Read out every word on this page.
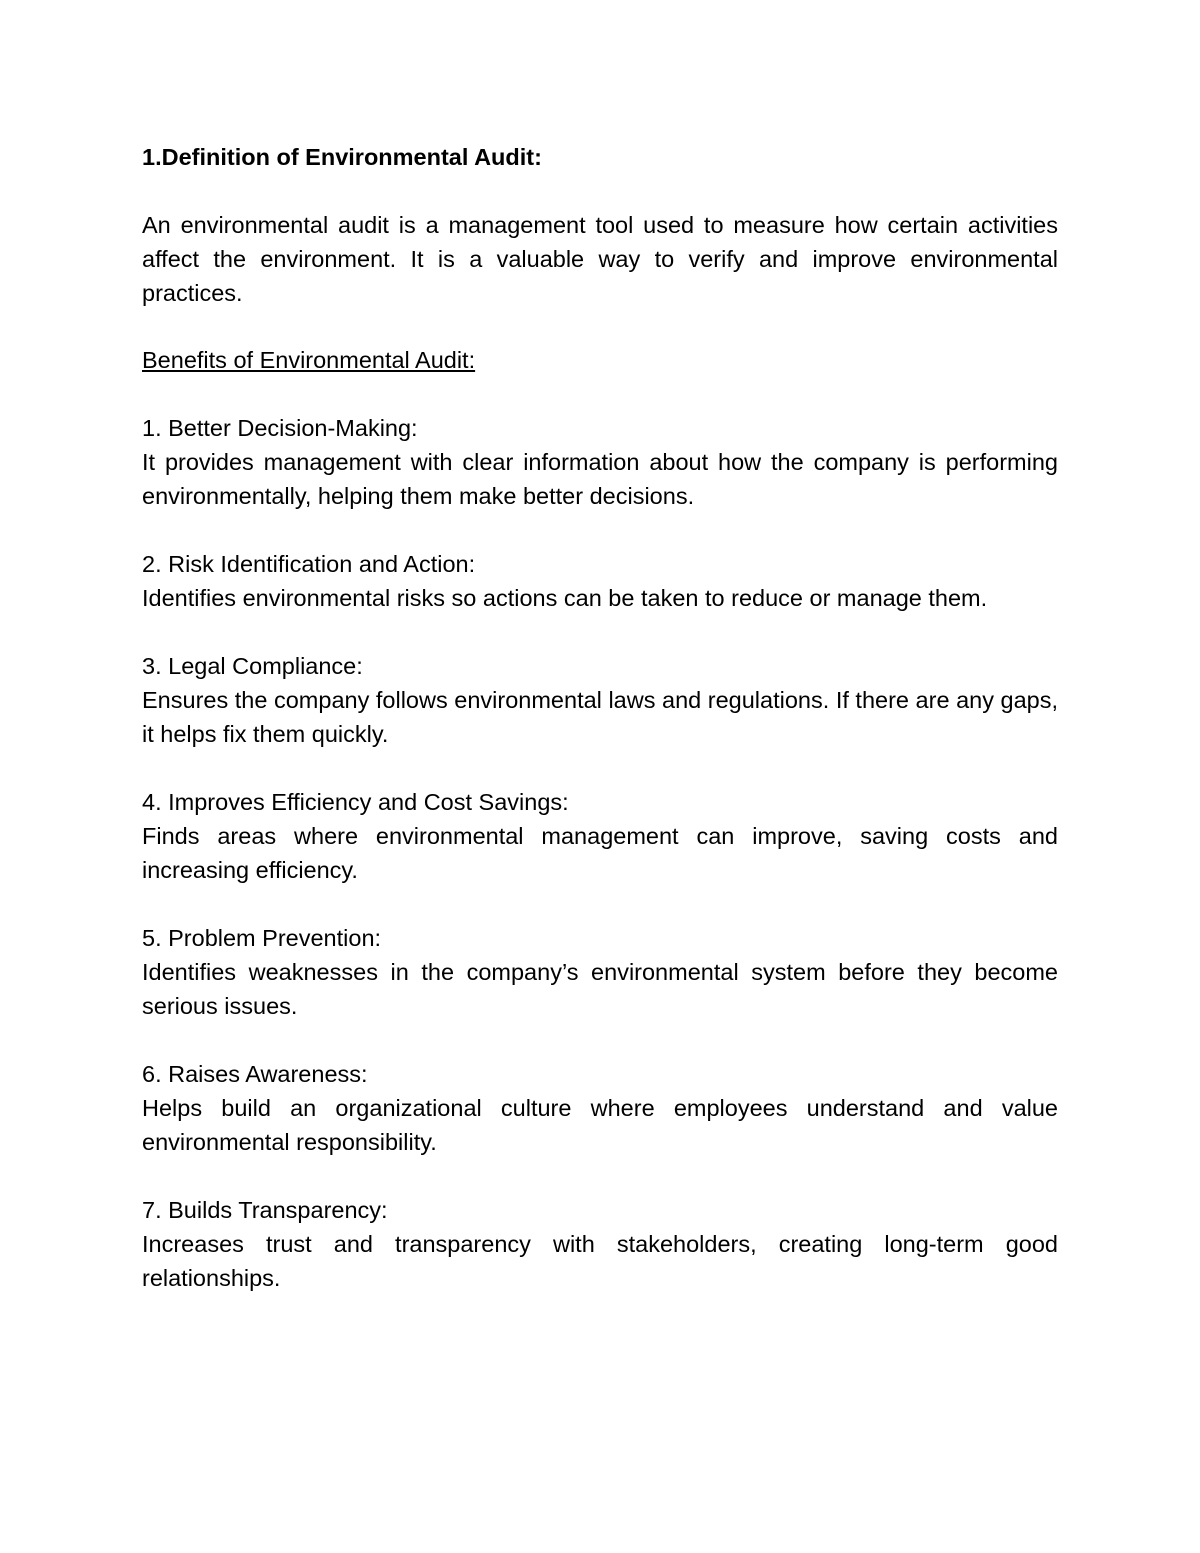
1.Definition of Environmental Audit:

An environmental audit is a management tool used to measure how certain activities affect the environment. It is a valuable way to verify and improve environmental practices.

Benefits of Environmental Audit:
1. Better Decision-Making:

It provides management with clear information about how the company is performing environmentally, helping them make better decisions.

2. Risk Identification and Action:

Identifies environmental risks so actions can be taken to reduce or manage them.

3. Legal Compliance:

Ensures the company follows environmental laws and regulations. If there are any gaps, it helps fix them quickly.

4. Improves Efficiency and Cost Savings:

Finds areas where environmental management can improve, saving costs and increasing efficiency.

5. Problem Prevention:

Identifies weaknesses in the company’s environmental system before they become serious issues.

6. Raises Awareness:

Helps build an organizational culture where employees understand and value environmental responsibility.

7. Builds Transparency:

Increases trust and transparency with stakeholders, creating long-term good relationships.
